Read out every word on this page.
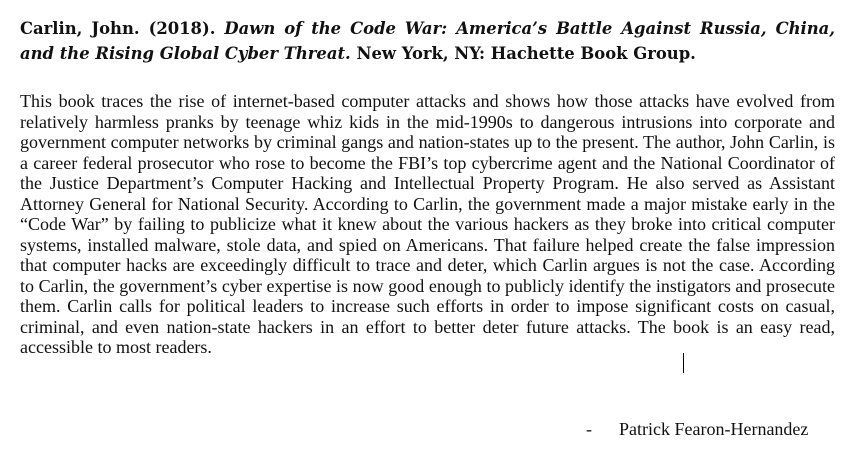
Carlin, John. (2018). Dawn of the Code War: America’s Battle Against Russia, China, and the Rising Global Cyber Threat. New York, NY: Hachette Book Group.

This book traces the rise of internet-based computer attacks and shows how those attacks have evolved from relatively harmless pranks by teenage whiz kids in the mid-1990s to dangerous intrusions into corporate and government computer networks by criminal gangs and nation-states up to the present. The author, John Carlin, is a career federal prosecutor who rose to become the FBI’s top cybercrime agent and the National Coordinator of the Justice Department’s Computer Hacking and Intellectual Property Program. He also served as Assistant Attorney General for National Security. According to Carlin, the government made a major mistake early in the “Code War” by failing to publicize what it knew about the various hackers as they broke into critical computer systems, installed malware, stole data, and spied on Americans. That failure helped create the false impression that computer hacks are exceedingly difficult to trace and deter, which Carlin argues is not the case. According to Carlin, the government’s cyber expertise is now good enough to publicly identify the instigators and prosecute them. Carlin calls for political leaders to increase such efforts in order to impose significant costs on casual, criminal, and even nation-state hackers in an effort to better deter future attacks. The book is an easy read, accessible to most readers.

- Patrick Fearon-Hernandez
